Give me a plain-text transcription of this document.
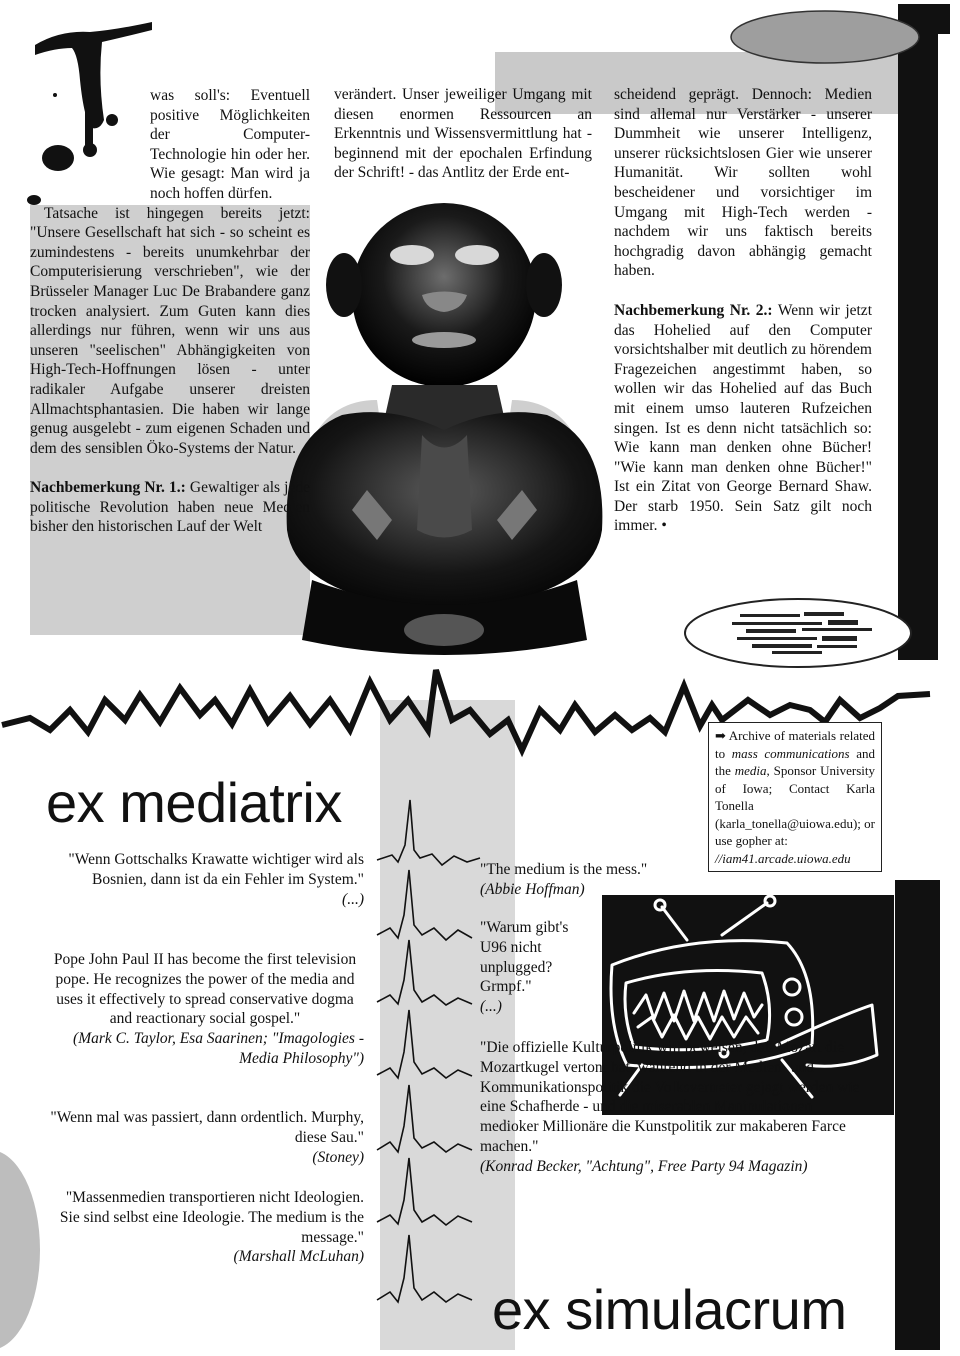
was soll's: Eventuell positive Möglichkeiten der Computer-Technologie hin oder her. Wie gesagt: Man wird ja noch hoffen dürfen.

Tatsache ist hingegen bereits jetzt: "Unsere Gesellschaft hat sich - so scheint es zumindestens - bereits unumkehrbar der Computerisierung verschrieben", wie der Brüsseler Manager Luc De Brabandere ganz trocken analysiert. Zum Guten kann dies allerdings nur führen, wenn wir uns aus unseren "seelischen" Abhängigkeiten von High-Tech-Hoffnungen lösen - unter radikaler Aufgabe unserer dreisten Allmachtsphantasien. Die haben wir lange genug ausgelebt - zum eigenen Schaden und dem des sensiblen Öko-Systems der Natur.

Nachbemerkung Nr. 1.: Gewaltiger als jede politische Revolution haben neue Medien bisher den historischen Lauf der Welt

verändert. Unser jeweiliger Umgang mit diesen enormen Ressourcen an Erkenntnis und Wissensvermittlung hat - beginnend mit der epochalen Erfindung der Schrift! - das Antlitz der Erde ent-

scheidend geprägt. Dennoch: Medien sind allemal nur Verstärker - unserer Dummheit wie unserer Intelligenz, unserer rücksichtslosen Gier wie unserer Humanität. Wir sollten wohl bescheidener und vorsichtiger im Umgang mit High-Tech werden - nachdem wir uns faktisch bereits hochgradig davon abhängig gemacht haben.

Nachbemerkung Nr. 2.: Wenn wir jetzt das Hohelied auf den Computer vorsichtshalber mit deutlich zu hörendem Fragezeichen angestimmt haben, so wollen wir das Hohelied auf das Buch mit einem umso lauteren Rufzeichen singen. Ist es denn nicht tatsächlich so: Wie kann man denken ohne Bücher! "Wie kann man denken ohne Bücher!" Ist ein Zitat von George Bernard Shaw. Der starb 1950. Sein Satz gilt noch immer. •

ex mediatrix
ex simulacrum

➡ Archive of materials related to mass communications and the media, Sponsor University of Iowa; Contact Karla Tonella (karla_tonella@uiowa.edu); or use gopher at:

//iam41.arcade.uiowa.edu

"Wenn Gottschalks Krawatte wichtiger wird als Bosnien, dann ist da ein Fehler im System."

(...)

Pope John Paul II has become the first television pope. He recognizes the power of the media and uses it effectively to spread conservative dogma and reactionary social gospel."

(Mark C. Taylor, Esa Saarinen; "Imagologies - Media Philosophy")

"Wenn mal was passiert, dann ordentlich. Murphy, diese Sau."

(Stoney)

"Massenmedien transportieren nicht Ideologien. Sie sind selbst eine Ideologie. The medium is the message."

(Marshall McLuhan)

"The medium is the mess."

(Abbie Hoffman)

"Warum gibt's U96 nicht unplugged? Grmpf."

(...)

"Die offizielle Kulturpolitik will beweisen, daß Mozart die Mozartkugel vertont hat, während in der Medien- und Kommunikationspolitik die Volksvertreter gejagt werden wie eine Schafherde - und die miserablen Manipulationen medioker Millionäre die Kunstpolitik zur makaberen Farce machen."

(Konrad Becker, "Achtung", Free Party 94 Magazin)
